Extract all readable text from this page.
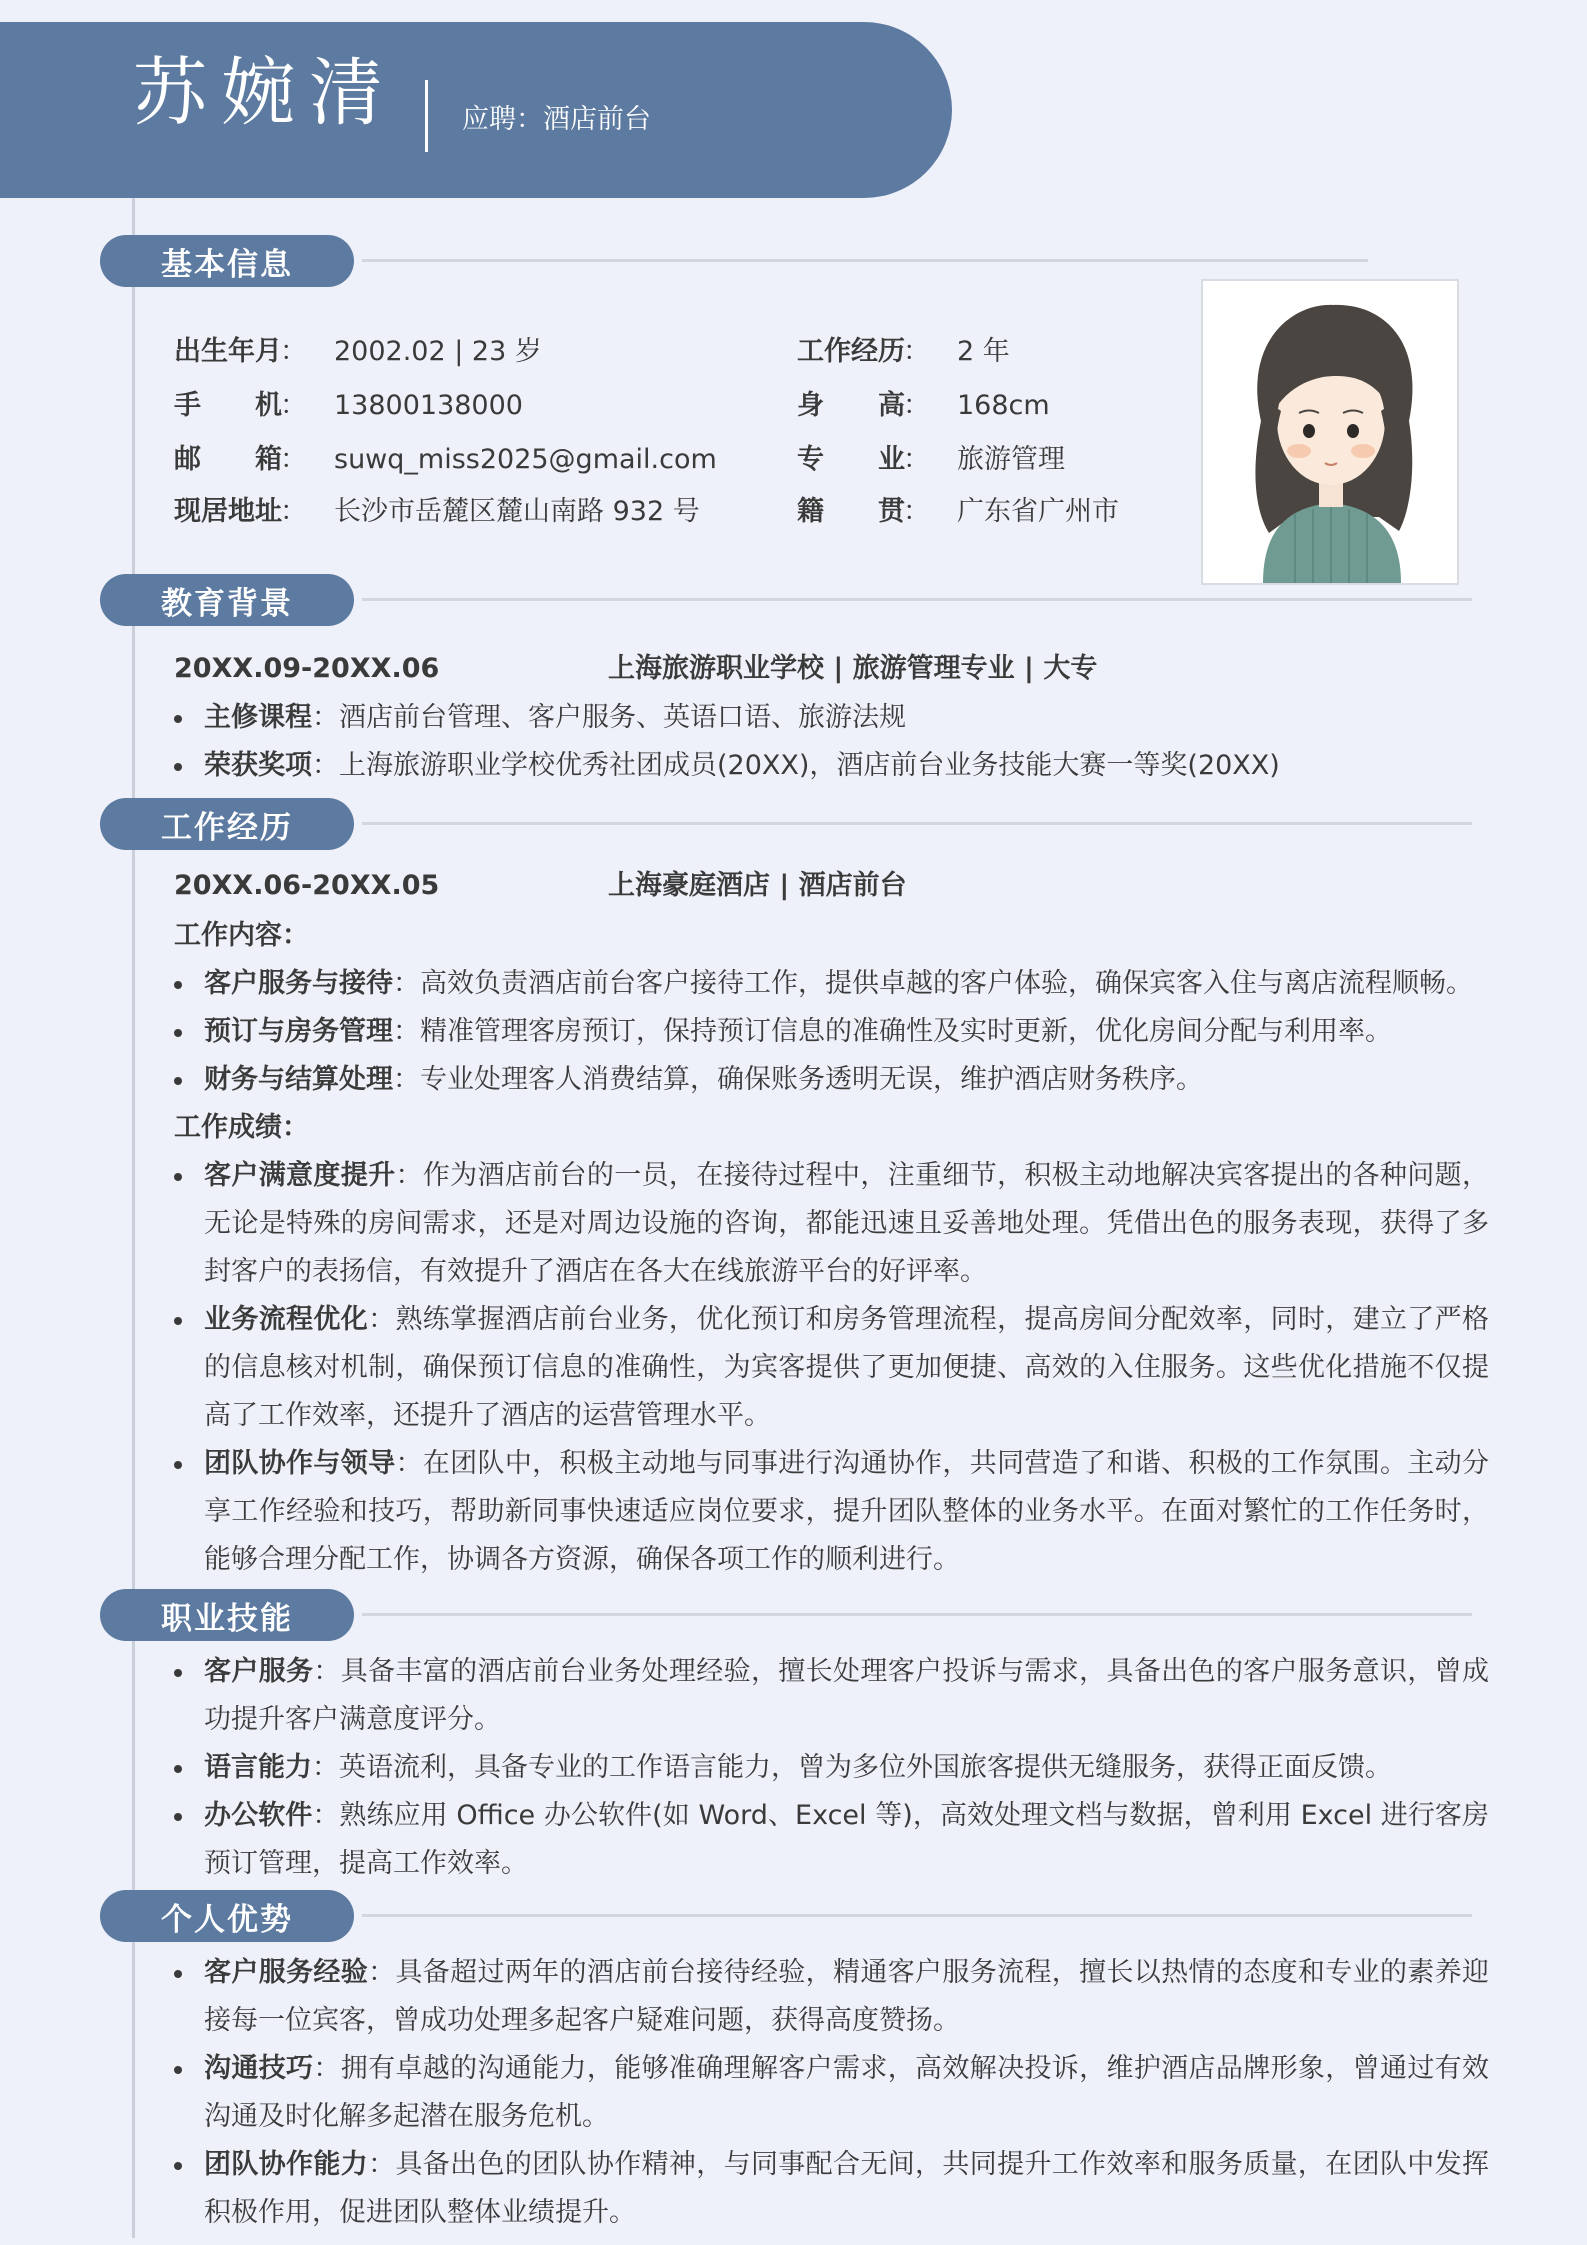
苏婉清 应聘：酒店前台
基本信息
出生年月
： 2002.02 | 23 岁
手　　机
： 13800138000
邮　　箱
： suwq_miss2025@gmail.com
现居地址
： 长沙市岳麓区麓山南路 932 号
工作经历
： 2 年
身　　高
： 168cm
专　　业
： 旅游管理
籍　　贯
： 广东省广州市
教育背景
20XX.09-20XX.06	上海旅游职业学校 | 旅游管理专业 | 大专
主修课程：酒店前台管理、客户服务、英语口语、旅游法规
荣获奖项：上海旅游职业学校优秀社团成员(20XX)，酒店前台业务技能大赛一等奖(20XX)
工作经历
20XX.06-20XX.05	上海豪庭酒店 | 酒店前台
工作内容：
客户服务与接待：高效负责酒店前台客户接待工作，提供卓越的客户体验，确保宾客入住与离店流程顺畅。
预订与房务管理：精准管理客房预订，保持预订信息的准确性及实时更新，优化房间分配与利用率。
财务与结算处理：专业处理客人消费结算，确保账务透明无误，维护酒店财务秩序。
工作成绩：
客户满意度提升：作为酒店前台的一员，在接待过程中，注重细节，积极主动地解决宾客提出的各种问题，无论是特殊的房间需求，还是对周边设施的咨询，都能迅速且妥善地处理。凭借出色的服务表现，获得了多封客户的表扬信，有效提升了酒店在各大在线旅游平台的好评率。
业务流程优化：熟练掌握酒店前台业务，优化预订和房务管理流程，提高房间分配效率，同时，建立了严格的信息核对机制，确保预订信息的准确性，为宾客提供了更加便捷、高效的入住服务。这些优化措施不仅提高了工作效率，还提升了酒店的运营管理水平。
团队协作与领导：在团队中，积极主动地与同事进行沟通协作，共同营造了和谐、积极的工作氛围。主动分享工作经验和技巧，帮助新同事快速适应岗位要求，提升团队整体的业务水平。在面对繁忙的工作任务时，能够合理分配工作，协调各方资源，确保各项工作的顺利进行。
职业技能
客户服务：具备丰富的酒店前台业务处理经验，擅长处理客户投诉与需求，具备出色的客户服务意识，曾成功提升客户满意度评分。
语言能力：英语流利，具备专业的工作语言能力，曾为多位外国旅客提供无缝服务，获得正面反馈。
办公软件：熟练应用 Office 办公软件(如 Word、Excel 等)，高效处理文档与数据，曾利用 Excel 进行客房预订管理，提高工作效率。
个人优势
客户服务经验：具备超过两年的酒店前台接待经验，精通客户服务流程，擅长以热情的态度和专业的素养迎接每一位宾客，曾成功处理多起客户疑难问题，获得高度赞扬。
沟通技巧：拥有卓越的沟通能力，能够准确理解客户需求，高效解决投诉，维护酒店品牌形象，曾通过有效沟通及时化解多起潜在服务危机。
团队协作能力：具备出色的团队协作精神，与同事配合无间，共同提升工作效率和服务质量，在团队中发挥积极作用，促进团队整体业绩提升。
